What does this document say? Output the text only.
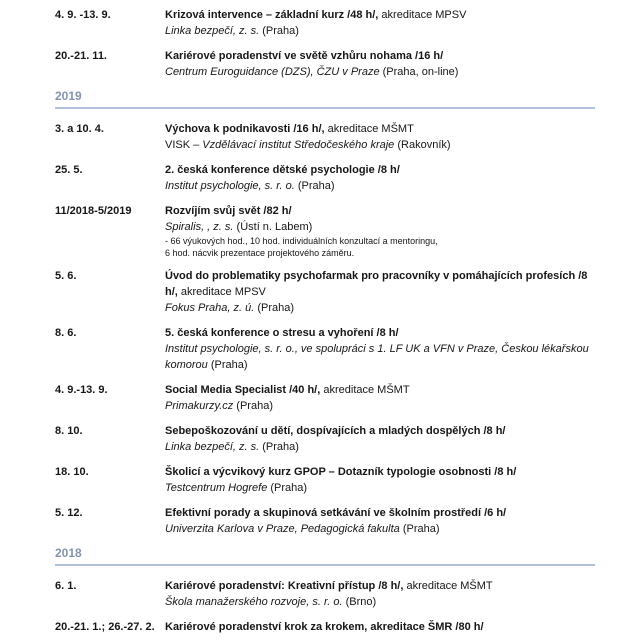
4. 9. -13. 9.	Krizová intervence – základní kurz /48 h/, akreditace MPSV

Linka bezpečí, z. s. (Praha)

20.-21. 11.	Kariérové poradenství ve světě vzhůru nohama /16 h/

Centrum Euroguidance (DZS), ČZU v Praze (Praha, on-line)

2019
3. a 10. 4.	Výchova k podnikavosti /16 h/, akreditace MŠMT

VISK – Vzdělávací institut Středočeského kraje (Rakovník)

25. 5.	2. česká konference dětské psychologie /8 h/

Institut psychologie, s. r. o. (Praha)

11/2018-5/2019	Rozvíjím svůj svět /82 h/

Spiralis, , z. s. (Ústí n. Labem)

- 66 výukových hod., 10 hod. individuálních konzultací a mentoringu,

6 hod. nácvik prezentace projektového záměru.

5. 6.	Úvod do problematiky psychofarmak pro pracovníky v pomáhajících profesích /8 h/, akreditace MPSV

Fokus Praha, z. ú. (Praha)

8. 6.	5. česká konference o stresu a vyhoření /8 h/

Institut psychologie, s. r. o., ve spolupráci s 1. LF UK a VFN v Praze, Českou lékařskou komorou (Praha)

4. 9.-13. 9.	Social Media Specialist /40 h/, akreditace MŠMT

Primakurzy.cz (Praha)

8. 10.	Sebepoškozování u dětí, dospívajících a mladých dospělých /8 h/

Linka bezpečí, z. s. (Praha)

18. 10.	Školicí a výcvikový kurz GPOP – Dotazník typologie osobnosti /8 h/

Testcentrum Hogrefe (Praha)

5. 12.	Efektivní porady a skupinová setkávání ve školním prostředí /6 h/

Univerzita Karlova v Praze, Pedagogická fakulta (Praha)

2018
6. 1.	Kariérové poradenství: Kreativní přístup /8 h/, akreditace MŠMT

Škola manažerského rozvoje, s. r. o. (Brno)

20.-21. 1.; 26.-27. 2. Kariérové poradenství krok za krokem, akreditace ŠMR /80 h/
